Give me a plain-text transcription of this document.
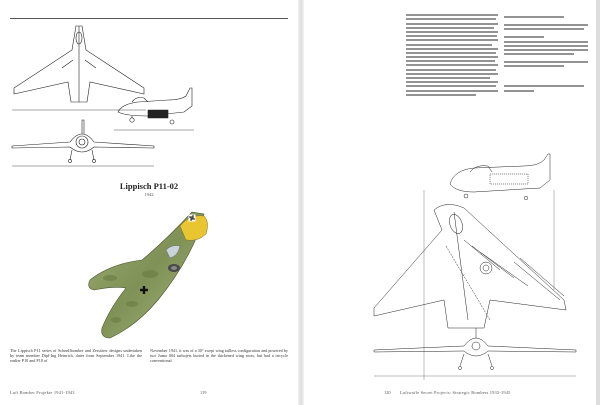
Lippisch P11-02
1942
The Lippisch P11 series of Schnellbomber and Zerstörer designs undertaken by team member Dipl-Ing Heinrich, dates from September 1941. Like the earlier P10 and P10 of
November 1941, it was of a 30° swept wing tailless configuration and powered by two Jumo 004 turbojets buried in the thickened wing roots, but had a tricycle conventional
Luft Bomber Projekte 1941-1943	119	Luftwaffe Secret Projects: Strategic Bombers 1935-1945
120
